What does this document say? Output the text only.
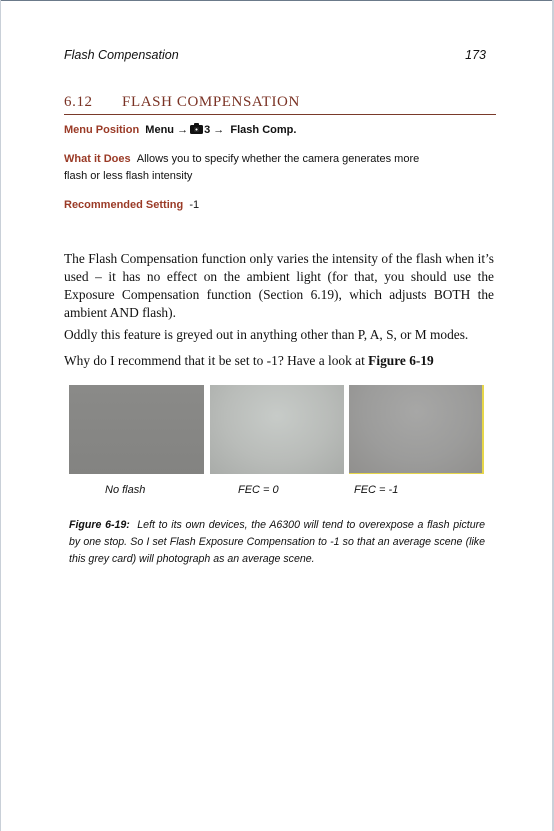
Flash Compensation	173
6.12 FLASH COMPENSATION
Menu Position Menu → 3 → Flash Comp.
What it Does Allows you to specify whether the camera generates more
flash or less flash intensity
Recommended Setting -1

The Flash Compensation function only varies the intensity of the flash when it’s used – it has no effect on the ambient light (for that, you should use the Exposure Compensation function (Section 6.19), which adjusts BOTH the ambient AND flash).

Oddly this feature is greyed out in anything other than P, A, S, or M modes.

Why do I recommend that it be set to -1? Have a look at Figure 6-19

No flash	FEC = 0	FEC = -1

Figure 6-19: Left to its own devices, the A6300 will tend to overexpose a flash picture by one stop. So I set Flash Exposure Compensation to -1 so that an average scene (like this grey card) will photograph as an average scene.
